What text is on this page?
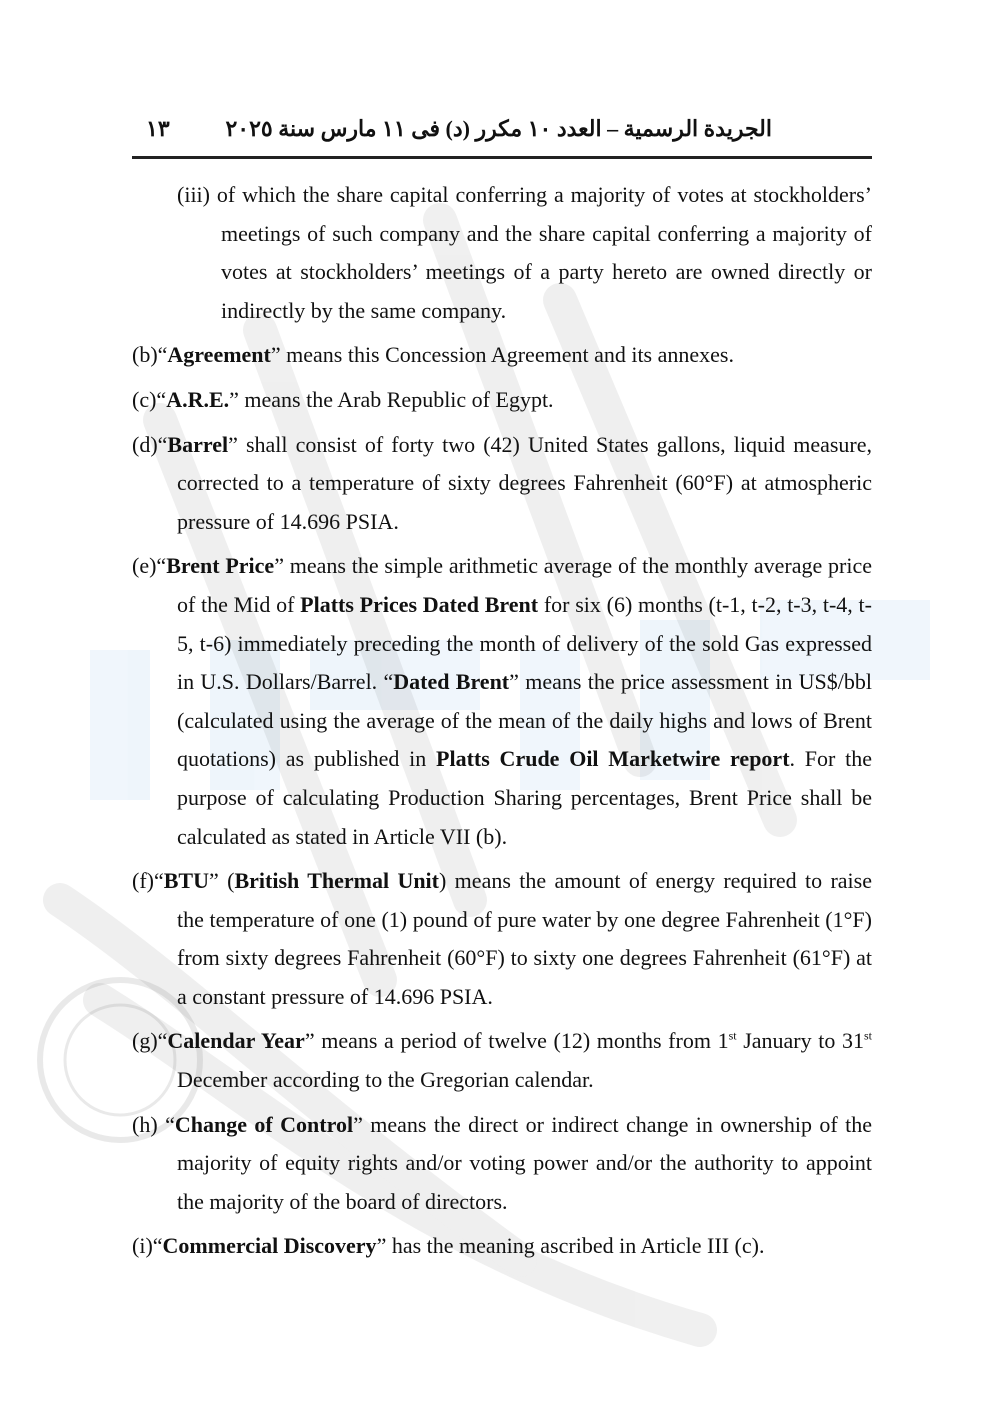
الجريدة الرسمية – العدد ١٠ مكرر (د) فى ١١ مارس سنة ٢٠٢٥
١٣

(iii) of which the share capital conferring a majority of votes at stockholders’ meetings of such company and the share capital conferring a majority of votes at stockholders’ meetings of a party hereto are owned directly or indirectly by the same company.

(b)“Agreement” means this Concession Agreement and its annexes.

(c)“A.R.E.” means the Arab Republic of Egypt.

(d)“Barrel” shall consist of forty two (42) United States gallons, liquid measure, corrected to a temperature of sixty degrees Fahrenheit (60°F) at atmospheric pressure of 14.696 PSIA.

(e)“Brent Price” means the simple arithmetic average of the monthly average price of the Mid of Platts Prices Dated Brent for six (6) months (t-1, t-2, t-3, t-4, t-5, t-6) immediately preceding the month of delivery of the sold Gas expressed in U.S. Dollars/Barrel. “Dated Brent” means the price assessment in US$/bbl (calculated using the average of the mean of the daily highs and lows of Brent quotations) as published in Platts Crude Oil Marketwire report. For the purpose of calculating Production Sharing percentages, Brent Price shall be calculated as stated in Article VII (b).

(f)“BTU” (British Thermal Unit) means the amount of energy required to raise the temperature of one (1) pound of pure water by one degree Fahrenheit (1°F) from sixty degrees Fahrenheit (60°F) to sixty one degrees Fahrenheit (61°F) at a constant pressure of 14.696 PSIA.

(g)“Calendar Year” means a period of twelve (12) months from 1st January to 31st December according to the Gregorian calendar.

(h) “Change of Control” means the direct or indirect change in ownership of the majority of equity rights and/or voting power and/or the authority to appoint the majority of the board of directors.

(i)“Commercial Discovery” has the meaning ascribed in Article III (c).
